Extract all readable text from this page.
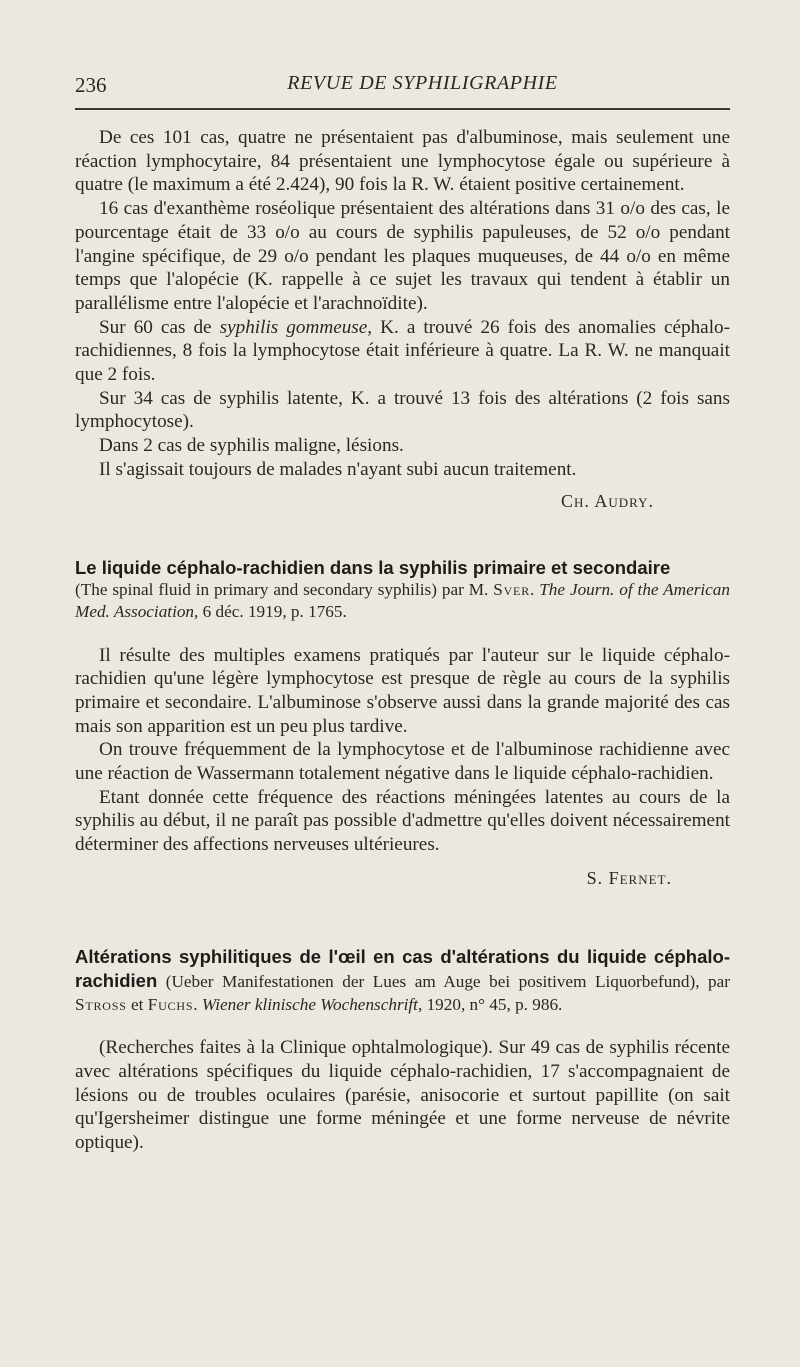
236	REVUE DE SYPHILIGRAPHIE

De ces 101 cas, quatre ne présentaient pas d'albuminose, mais seulement une réaction lymphocytaire, 84 présentaient une lymphocytose égale ou supérieure à quatre (le maximum a été 2.424), 90 fois la R. W. étaient positive certainement.

16 cas d'exanthème roséolique présentaient des altérations dans 31 o/o des cas, le pourcentage était de 33 o/o au cours de syphilis papuleuses, de 52 o/o pendant l'angine spécifique, de 29 o/o pendant les plaques muqueuses, de 44 o/o en même temps que l'alopécie (K. rappelle à ce sujet les travaux qui tendent à établir un parallélisme entre l'alopécie et l'arachnoïdite).

Sur 60 cas de syphilis gommeuse, K. a trouvé 26 fois des anomalies céphalo-rachidiennes, 8 fois la lymphocytose était inférieure à quatre. La R. W. ne manquait que 2 fois.

Sur 34 cas de syphilis latente, K. a trouvé 13 fois des altérations (2 fois sans lymphocytose).

Dans 2 cas de syphilis maligne, lésions.

Il s'agissait toujours de malades n'ayant subi aucun traitement.

Ch. Audry.

Le liquide céphalo-rachidien dans la syphilis primaire et secondaire

(The spinal fluid in primary and secondary syphilis) par M. Sver. The Journ. of the American Med. Association, 6 déc. 1919, p. 1765.

Il résulte des multiples examens pratiqués par l'auteur sur le liquide céphalo-rachidien qu'une légère lymphocytose est presque de règle au cours de la syphilis primaire et secondaire. L'albuminose s'observe aussi dans la grande majorité des cas mais son apparition est un peu plus tardive.

On trouve fréquemment de la lymphocytose et de l'albuminose rachidienne avec une réaction de Wassermann totalement négative dans le liquide céphalo-rachidien.

Etant donnée cette fréquence des réactions méningées latentes au cours de la syphilis au début, il ne paraît pas possible d'admettre qu'elles doivent nécessairement déterminer des affections nerveuses ultérieures.

S. Fernet.

Altérations syphilitiques de l'œil en cas d'altérations du liquide céphalo-rachidien (Ueber Manifestationen der Lues am Auge bei positivem Liquorbefund), par Stross et Fuchs. Wiener klinische Wochenschrift, 1920, n° 45, p. 986.

(Recherches faites à la Clinique ophtalmologique). Sur 49 cas de syphilis récente avec altérations spécifiques du liquide céphalo-rachidien, 17 s'accompagnaient de lésions ou de troubles oculaires (parésie, anisocorie et surtout papillite (on sait qu'Igersheimer distingue une forme méningée et une forme nerveuse de névrite optique).
